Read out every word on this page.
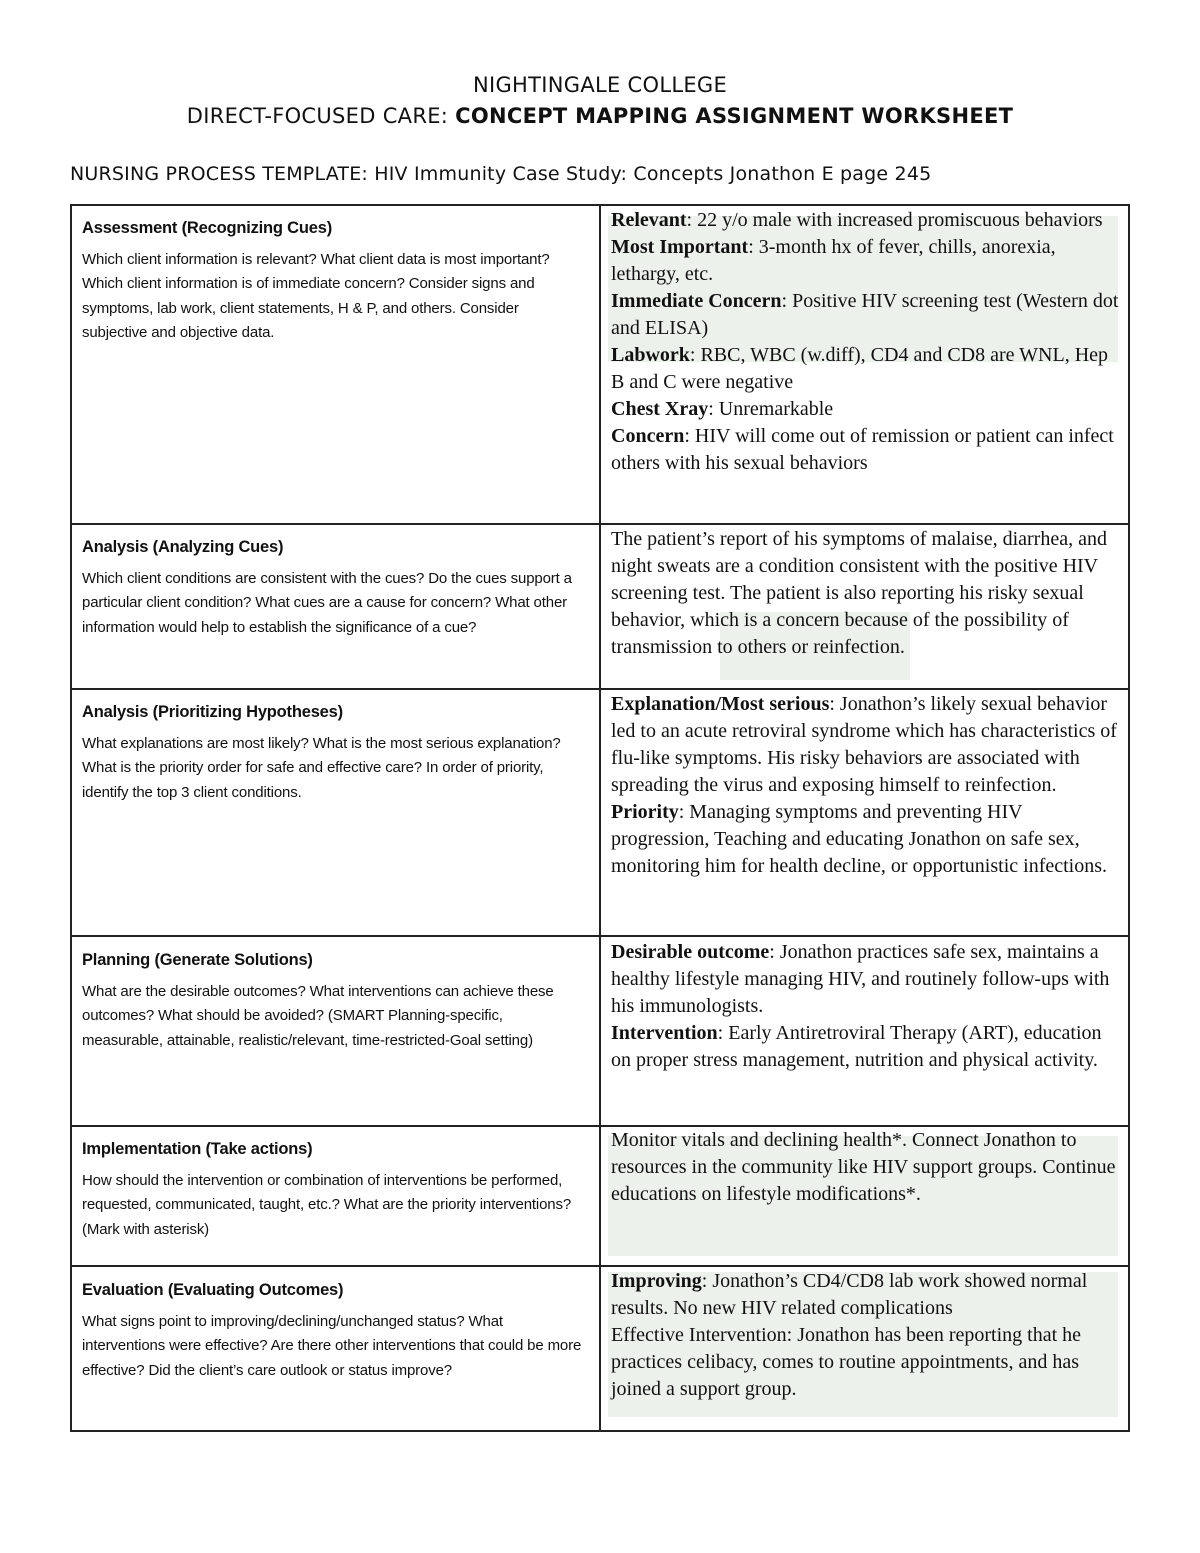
NIGHTINGALE COLLEGE
DIRECT-FOCUSED CARE: CONCEPT MAPPING ASSIGNMENT WORKSHEET
NURSING PROCESS TEMPLATE: HIV Immunity Case Study: Concepts Jonathon E page 245
Assessment (Recognizing Cues)

Which client information is relevant? What client data is most important? Which client information is of immediate concern? Consider signs and symptoms, lab work, client statements, H & P, and others. Consider subjective and objective data.

Relevant: 22 y/o male with increased promiscuous behaviors

Most Important: 3-month hx of fever, chills, anorexia, lethargy, etc.

Immediate Concern: Positive HIV screening test (Western dot and ELISA)

Labwork: RBC, WBC (w.diff), CD4 and CD8 are WNL, Hep B and C were negative

Chest Xray: Unremarkable

Concern: HIV will come out of remission or patient can infect others with his sexual behaviors

Analysis (Analyzing Cues)

Which client conditions are consistent with the cues? Do the cues support a particular client condition? What cues are a cause for concern? What other information would help to establish the significance of a cue?

The patient’s report of his symptoms of malaise, diarrhea, and night sweats are a condition consistent with the positive HIV screening test. The patient is also reporting his risky sexual behavior, which is a concern because of the possibility of transmission to others or reinfection.

Analysis (Prioritizing Hypotheses)

What explanations are most likely? What is the most serious explanation? What is the priority order for safe and effective care? In order of priority, identify the top 3 client conditions.

Explanation/Most serious: Jonathon’s likely sexual behavior led to an acute retroviral syndrome which has characteristics of flu-like symptoms. His risky behaviors are associated with spreading the virus and exposing himself to reinfection.

Priority: Managing symptoms and preventing HIV progression, Teaching and educating Jonathon on safe sex, monitoring him for health decline, or opportunistic infections.

Planning (Generate Solutions)

What are the desirable outcomes? What interventions can achieve these outcomes? What should be avoided? (SMART Planning-specific, measurable, attainable, realistic/relevant, time-restricted-Goal setting)

Desirable outcome: Jonathon practices safe sex, maintains a healthy lifestyle managing HIV, and routinely follow-ups with his immunologists.

Intervention: Early Antiretroviral Therapy (ART), education on proper stress management, nutrition and physical activity.

Implementation (Take actions)

How should the intervention or combination of interventions be performed, requested, communicated, taught, etc.? What are the priority interventions? (Mark with asterisk)

Monitor vitals and declining health*. Connect Jonathon to resources in the community like HIV support groups. Continue educations on lifestyle modifications*.

Evaluation (Evaluating Outcomes)

What signs point to improving/declining/unchanged status? What interventions were effective? Are there other interventions that could be more effective? Did the client’s care outlook or status improve?

Improving: Jonathon’s CD4/CD8 lab work showed normal results. No new HIV related complications

Effective Intervention: Jonathon has been reporting that he practices celibacy, comes to routine appointments, and has joined a support group.
